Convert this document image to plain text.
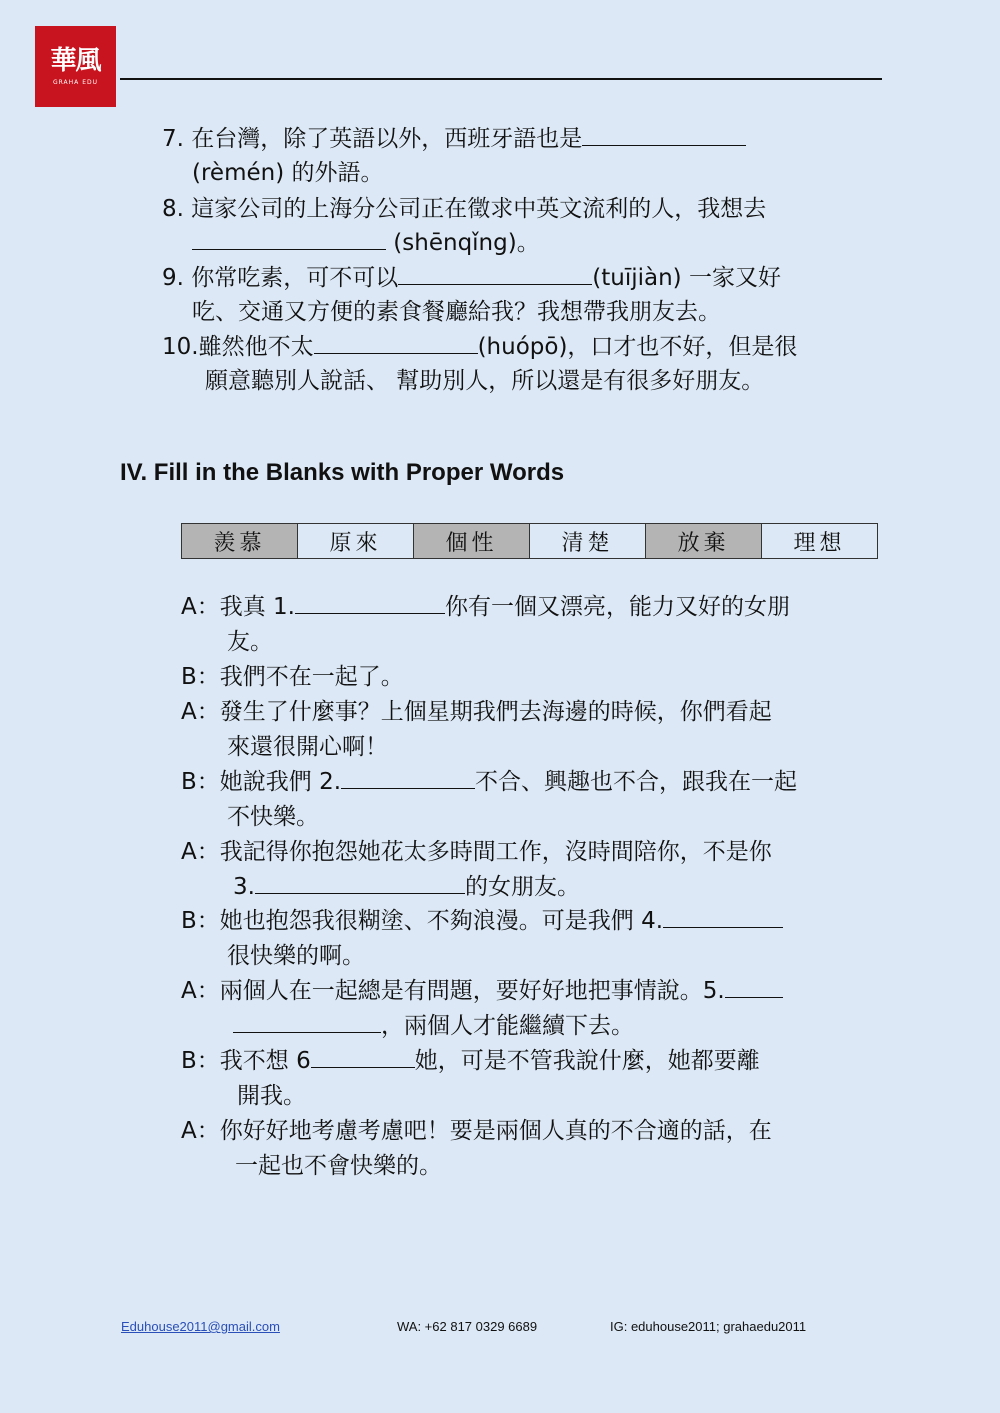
華風
GRAHA EDU
7. 在台灣，除了英語以外，西班牙語也是
(rèmén) 的外語。
8. 這家公司的上海分公司正在徵求中英文流利的人，我想去
(shēnqǐng)。
9. 你常吃素，可不可以	(tuījiàn) 一家又好
吃、交通又方便的素食餐廳給我？我想帶我朋友去。
10.雖然他不太	(huópō)，口才也不好，但是很
願意聽別人說話、 幫助別人，所以還是有很多好朋友。
IV. Fill in the Blanks with Proper Words
羨慕	原來	個性	清楚	放棄	理想
A：我真 1.	你有一個又漂亮，能力又好的女朋
友。
B：我們不在一起了。
A：發生了什麼事？上個星期我們去海邊的時候，你們看起
來還很開心啊！
B：她說我們 2.	不合、興趣也不合，跟我在一起
不快樂。
A：我記得你抱怨她花太多時間工作，沒時間陪你，不是你
3.	的女朋友。
B：她也抱怨我很糊塗、不夠浪漫。可是我們 4.
很快樂的啊。
A：兩個人在一起總是有問題，要好好地把事情說。5.
，兩個人才能繼續下去。
B：我不想 6	她，可是不管我說什麼，她都要離
開我。
A：你好好地考慮考慮吧！要是兩個人真的不合適的話，在
一起也不會快樂的。
Eduhouse2011@gmail.com	WA: +62 817 0329 6689	IG: eduhouse2011; grahaedu2011
